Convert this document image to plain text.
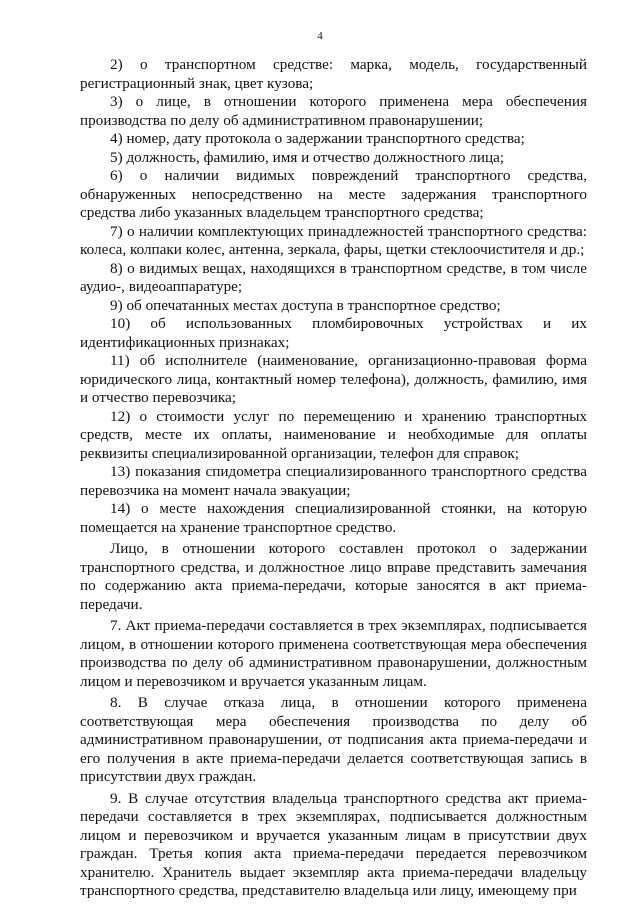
4

2) о транспортном средстве: марка, модель, государственный регистрационный знак, цвет кузова;

3) о лице, в отношении которого применена мера обеспечения производства по делу об административном правонарушении;

4) номер, дату протокола о задержании транспортного средства;

5) должность, фамилию, имя и отчество должностного лица;

6) о наличии видимых повреждений транспортного средства, обнаруженных непосредственно на месте задержания транспортного средства либо указанных владельцем транспортного средства;

7) о наличии комплектующих принадлежностей транспортного средства: колеса, колпаки колес, антенна, зеркала, фары, щетки стеклоочистителя и др.;

8) о видимых вещах, находящихся в транспортном средстве, в том числе аудио-, видеоаппаратуре;

9) об опечатанных местах доступа в транспортное средство;

10) об использованных пломбировочных устройствах и их идентификационных признаках;

11) об исполнителе (наименование, организационно-правовая форма юридического лица, контактный номер телефона), должность, фамилию, имя и отчество перевозчика;

12) о стоимости услуг по перемещению и хранению транспортных средств, месте их оплаты, наименование и необходимые для оплаты реквизиты специализированной организации, телефон для справок;

13) показания спидометра специализированного транспортного средства перевозчика на момент начала эвакуации;

14) о месте нахождения специализированной стоянки, на которую помещается на хранение транспортное средство.

Лицо, в отношении которого составлен протокол о задержании транспортного средства, и должностное лицо вправе представить замечания по содержанию акта приема-передачи, которые заносятся в акт приема-передачи.

7. Акт приема-передачи составляется в трех экземплярах, подписывается лицом, в отношении которого применена соответствующая мера обеспечения производства по делу об административном правонарушении, должностным лицом и перевозчиком и вручается указанным лицам.

8. В случае отказа лица, в отношении которого применена соответствующая мера обеспечения производства по делу об административном правонарушении, от подписания акта приема-передачи и его получения в акте приема-передачи делается соответствующая запись в присутствии двух граждан.

9. В случае отсутствия владельца транспортного средства акт приема-передачи составляется в трех экземплярах, подписывается должностным лицом и перевозчиком и вручается указанным лицам в присутствии двух граждан. Третья копия акта приема-передачи передается перевозчиком хранителю. Хранитель выдает экземпляр акта приема-передачи владельцу транспортного средства, представителю владельца или лицу, имеющему при
